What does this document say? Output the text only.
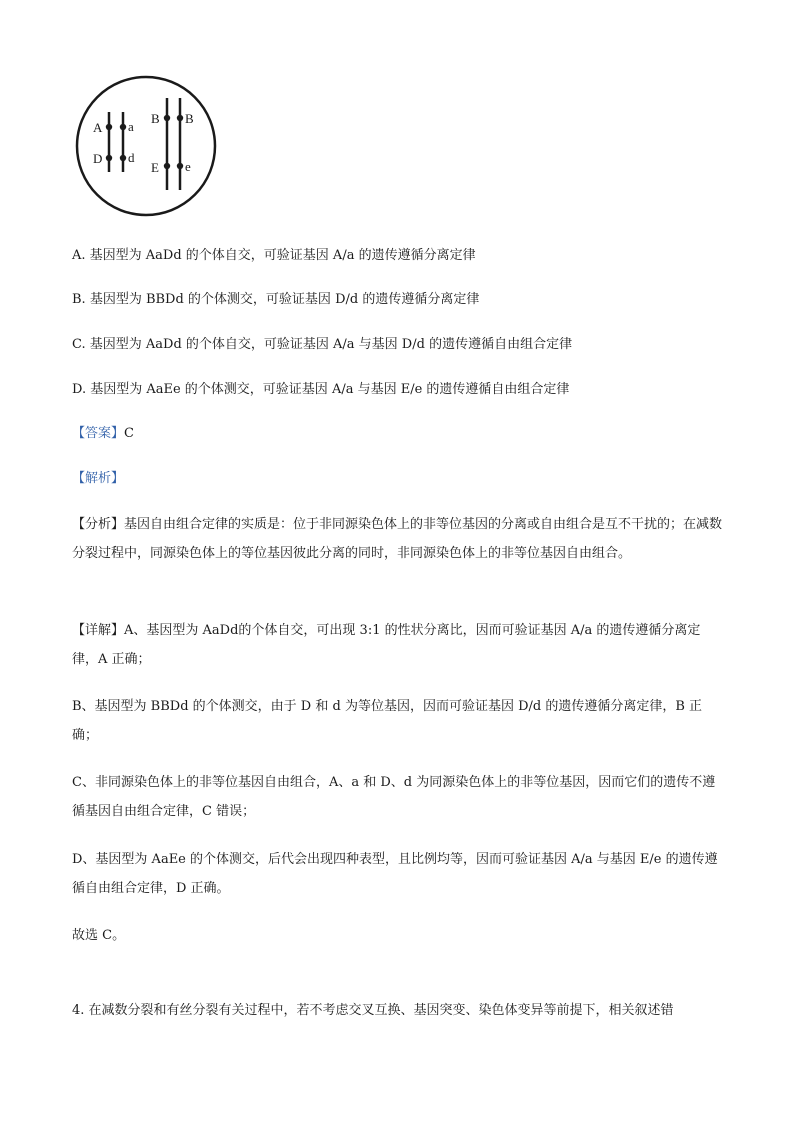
A a
D d
B B
E e
A. 基因型为 AaDd 的个体自交，可验证基因 A/a 的遗传遵循分离定律
B. 基因型为 BBDd 的个体测交，可验证基因 D/d 的遗传遵循分离定律
C. 基因型为 AaDd 的个体自交，可验证基因 A/a 与基因 D/d 的遗传遵循自由组合定律
D. 基因型为 AaEe 的个体测交，可验证基因 A/a 与基因 E/e 的遗传遵循自由组合定律
【答案】C
【解析】
【分析】基因自由组合定律的实质是：位于非同源染色体上的非等位基因的分离或自由组合是互不干扰的；在减数分裂过程中，同源染色体上的等位基因彼此分离的同时，非同源染色体上的非等位基因自由组合。
【详解】A、基因型为 AaDd的个体自交，可出现 3:1 的性状分离比，因而可验证基因 A/a 的遗传遵循分离定律，A 正确；
B、基因型为 BBDd 的个体测交，由于 D 和 d 为等位基因，因而可验证基因 D/d 的遗传遵循分离定律，B 正确；
C、非同源染色体上的非等位基因自由组合，A、a 和 D、d 为同源染色体上的非等位基因，因而它们的遗传不遵循基因自由组合定律，C 错误；
D、基因型为 AaEe 的个体测交，后代会出现四种表型，且比例均等，因而可验证基因 A/a 与基因 E/e 的遗传遵循自由组合定律，D 正确。
故选 C。
4. 在减数分裂和有丝分裂有关过程中，若不考虑交叉互换、基因突变、染色体变异等前提下，相关叙述错
